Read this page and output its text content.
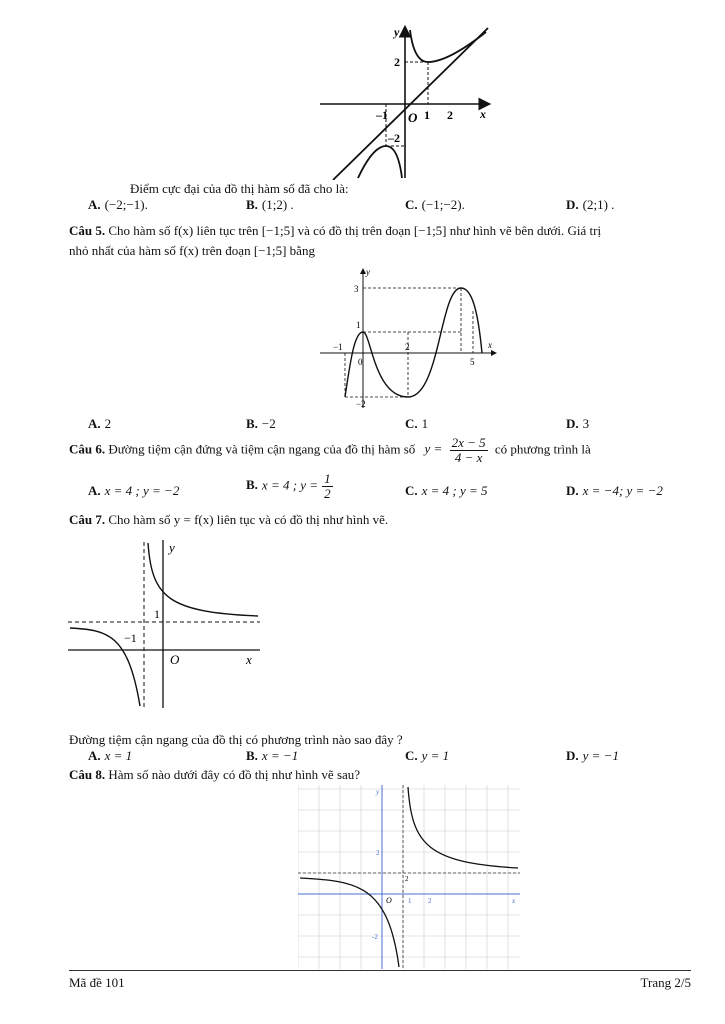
y
x
O
2
–2
–1	1 2
Điểm cực đại của đồ thị hàm số đã cho là:
A. (−2;−1).	B. (1;2) .	C. (−1;−2).	D. (2;1) .
Câu 5. Cho hàm số f(x) liên tục trên [−1;5] và có đồ thị trên đoạn [−1;5] như hình vẽ bên dưới. Giá trị
nhỏ nhất của hàm số f(x) trên đoạn [−1;5] bằng
y
x
3
1
−1
0
2
5
−2
A. 2	B. −2	C. 1	D. 3
Câu 6. Đường tiệm cận đứng và tiệm cận ngang của đồ thị hàm số $y = \frac{2x - 5}{4 - x}$ có phương trình là
A. x = 4 ; y = −2	B. x = 4 ; $y = \frac{1}{2}$	C. x = 4 ; y = 5	D. x = −4; y = −2
Câu 7. Cho hàm số y = f(x) liên tục và có đồ thị như hình vẽ.
y
x
O
1
−1
Đường tiệm cận ngang của đồ thị có phương trình nào sao đây ?
A. x = 1	B. x = −1	C. y = 1	D. y = −1
Câu 8. Hàm số nào dưới đây có đồ thị như hình vẽ sau?
y
x
O
2
-2
1 2
2
Mã đề 101	Trang 2/5
